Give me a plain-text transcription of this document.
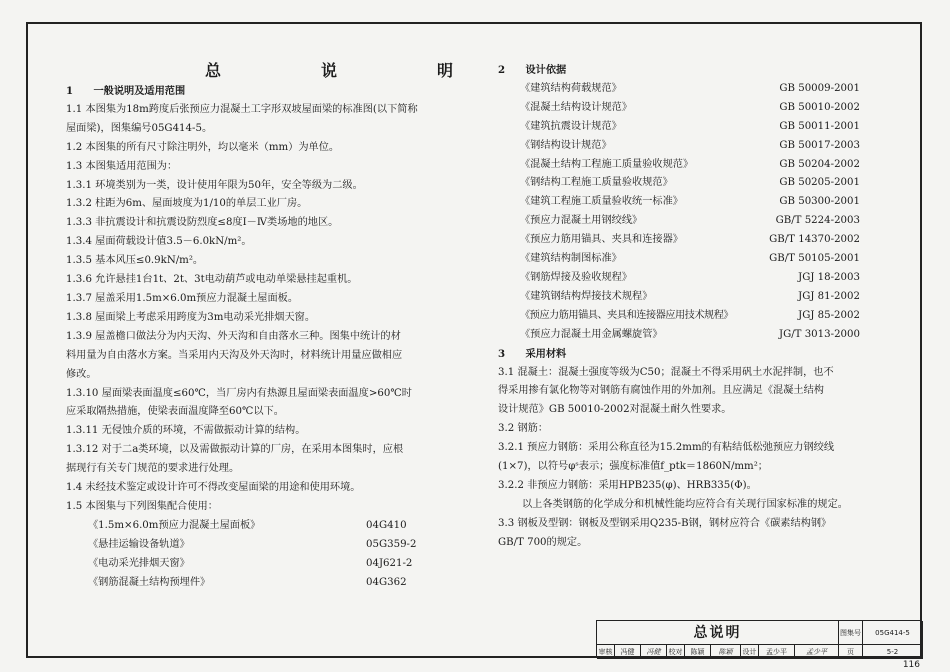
总　说　明

1　　一般说明及适用范围

1.1 本图集为18m跨度后张预应力混凝土工字形双坡屋面梁的标准图(以下简称

屋面梁)，图集编号05G414-5。

1.2 本图集的所有尺寸除注明外，均以毫米（mm）为单位。

1.3 本图集适用范围为：

1.3.1 环境类别为一类，设计使用年限为50年，安全等级为二级。

1.3.2 柱距为6m、屋面坡度为1/10的单层工业厂房。

1.3.3 非抗震设计和抗震设防烈度≤8度Ⅰ－Ⅳ类场地的地区。

1.3.4 屋面荷载设计值3.5－6.0kN/m²。

1.3.5 基本风压≤0.9kN/m²。

1.3.6 允许悬挂1台1t、2t、3t电动葫芦或电动单梁悬挂起重机。

1.3.7 屋盖采用1.5m×6.0m预应力混凝土屋面板。

1.3.8 屋面梁上考虑采用跨度为3m电动采光排烟天窗。

1.3.9 屋盖檐口做法分为内天沟、外天沟和自由落水三种。图集中统计的材

料用量为自由落水方案。当采用内天沟及外天沟时，材料统计用量应做相应

修改。

1.3.10 屋面梁表面温度≤60℃，当厂房内有热源且屋面梁表面温度>60℃时

应采取隔热措施，使梁表面温度降至60℃以下。

1.3.11 无侵蚀介质的环境，不需做振动计算的结构。

1.3.12 对于二a类环境，以及需做振动计算的厂房，在采用本图集时，应根

据现行有关专门规范的要求进行处理。

1.4 未经技术鉴定或设计许可不得改变屋面梁的用途和使用环境。

1.5 本图集与下列图集配合使用：

《1.5m×6.0m预应力混凝土屋面板》	04G410
《悬挂运输设备轨道》	05G359-2
《电动采光排烟天窗》	04J621-2
《钢筋混凝土结构预埋件》	04G362

2　　设计依据

《建筑结构荷载规范》	GB 50009-2001
《混凝土结构设计规范》	GB 50010-2002
《建筑抗震设计规范》	GB 50011-2001
《钢结构设计规范》	GB 50017-2003
《混凝土结构工程施工质量验收规范》	GB 50204-2002
《钢结构工程施工质量验收规范》	GB 50205-2001
《建筑工程施工质量验收统一标准》	GB 50300-2001
《预应力混凝土用钢绞线》	GB/T 5224-2003
《预应力筋用锚具、夹具和连接器》	GB/T 14370-2002
《建筑结构制图标准》	GB/T 50105-2001
《钢筋焊接及验收规程》	JGJ 18-2003
《建筑钢结构焊接技术规程》	JGJ 81-2002
《预应力筋用锚具、夹具和连接器应用技术规程》	JGJ 85-2002
《预应力混凝土用金属螺旋管》	JG/T 3013-2000

3　　采用材料

3.1 混凝土：混凝土强度等级为C50；混凝土不得采用矾土水泥拌制，也不

得采用掺有氯化物等对钢筋有腐蚀作用的外加剂。且应满足《混凝土结构

设计规范》GB 50010-2002对混凝土耐久性要求。

3.2 钢筋：

3.2.1 预应力钢筋：采用公称直径为15.2mm的有粘结低松弛预应力钢绞线

(1×7)，以符号φˢ表示；强度标准值f_ptk＝1860N/mm²；

3.2.2 非预应力钢筋：采用HPB235(φ)、HRB335(Φ)。

以上各类钢筋的化学成分和机械性能均应符合有关现行国家标准的规定。

3.3 钢板及型钢：钢板及型钢采用Q235-B钢，钢材应符合《碳素结构钢》

GB/T 700的规定。

总说明	图集号	05G414-5
审核	冯健	冯健	校对	陈颖	陈颖	设计	孟少平	孟少平	页	5-2
116
